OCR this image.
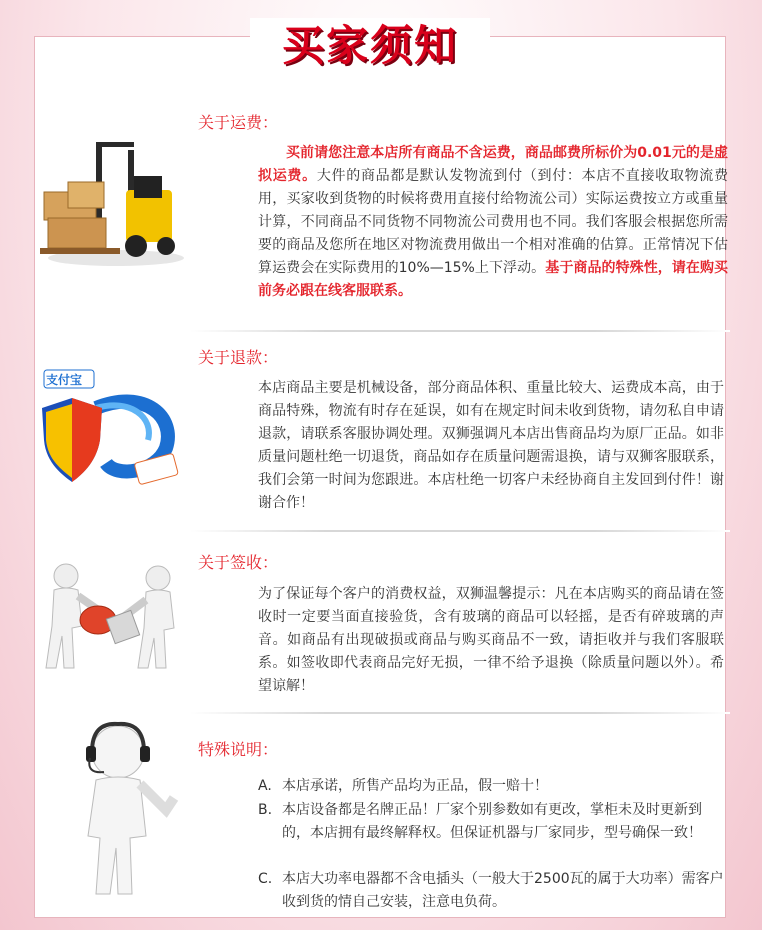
买家须知
关于运费：
买前请您注意本店所有商品不含运费，商品邮费所标价为0.01元的是虚拟运费。大件的商品都是默认发物流到付（到付：本店不直接收取物流费用，买家收到货物的时候将费用直接付给物流公司）实际运费按立方或重量计算，不同商品不同货物不同物流公司费用也不同。我们客服会根据您所需要的商品及您所在地区对物流费用做出一个相对准确的估算。正常情况下估算运费会在实际费用的10%—15%上下浮动。基于商品的特殊性，请在购买前务必跟在线客服联系。
支付宝
关于退款：
本店商品主要是机械设备，部分商品体积、重量比较大、运费成本高，由于商品特殊，物流有时存在延误，如有在规定时间未收到货物，请勿私自申请退款，请联系客服协调处理。双狮强调凡本店出售商品均为原厂正品。如非质量问题杜绝一切退货，商品如存在质量问题需退换，请与双狮客服联系，我们会第一时间为您跟进。本店杜绝一切客户未经协商自主发回到付件！谢谢合作！
关于签收：
为了保证每个客户的消费权益，双狮温馨提示：凡在本店购买的商品请在签收时一定要当面直接验货，含有玻璃的商品可以轻摇，是否有碎玻璃的声音。如商品有出现破损或商品与购买商品不一致，请拒收并与我们客服联系。如签收即代表商品完好无损，一律不给予退换（除质量问题以外）。希望谅解！
特殊说明：
A. 本店承诺，所售产品均为正品，假一赔十！
B. 本店设备都是名牌正品！厂家个别参数如有更改，掌柜未及时更新到的，本店拥有最终解释权。但保证机器与厂家同步，型号确保一致！
C. 本店大功率电器都不含电插头（一般大于2500瓦的属于大功率）需客户收到货的情自己安装，注意电负荷。
